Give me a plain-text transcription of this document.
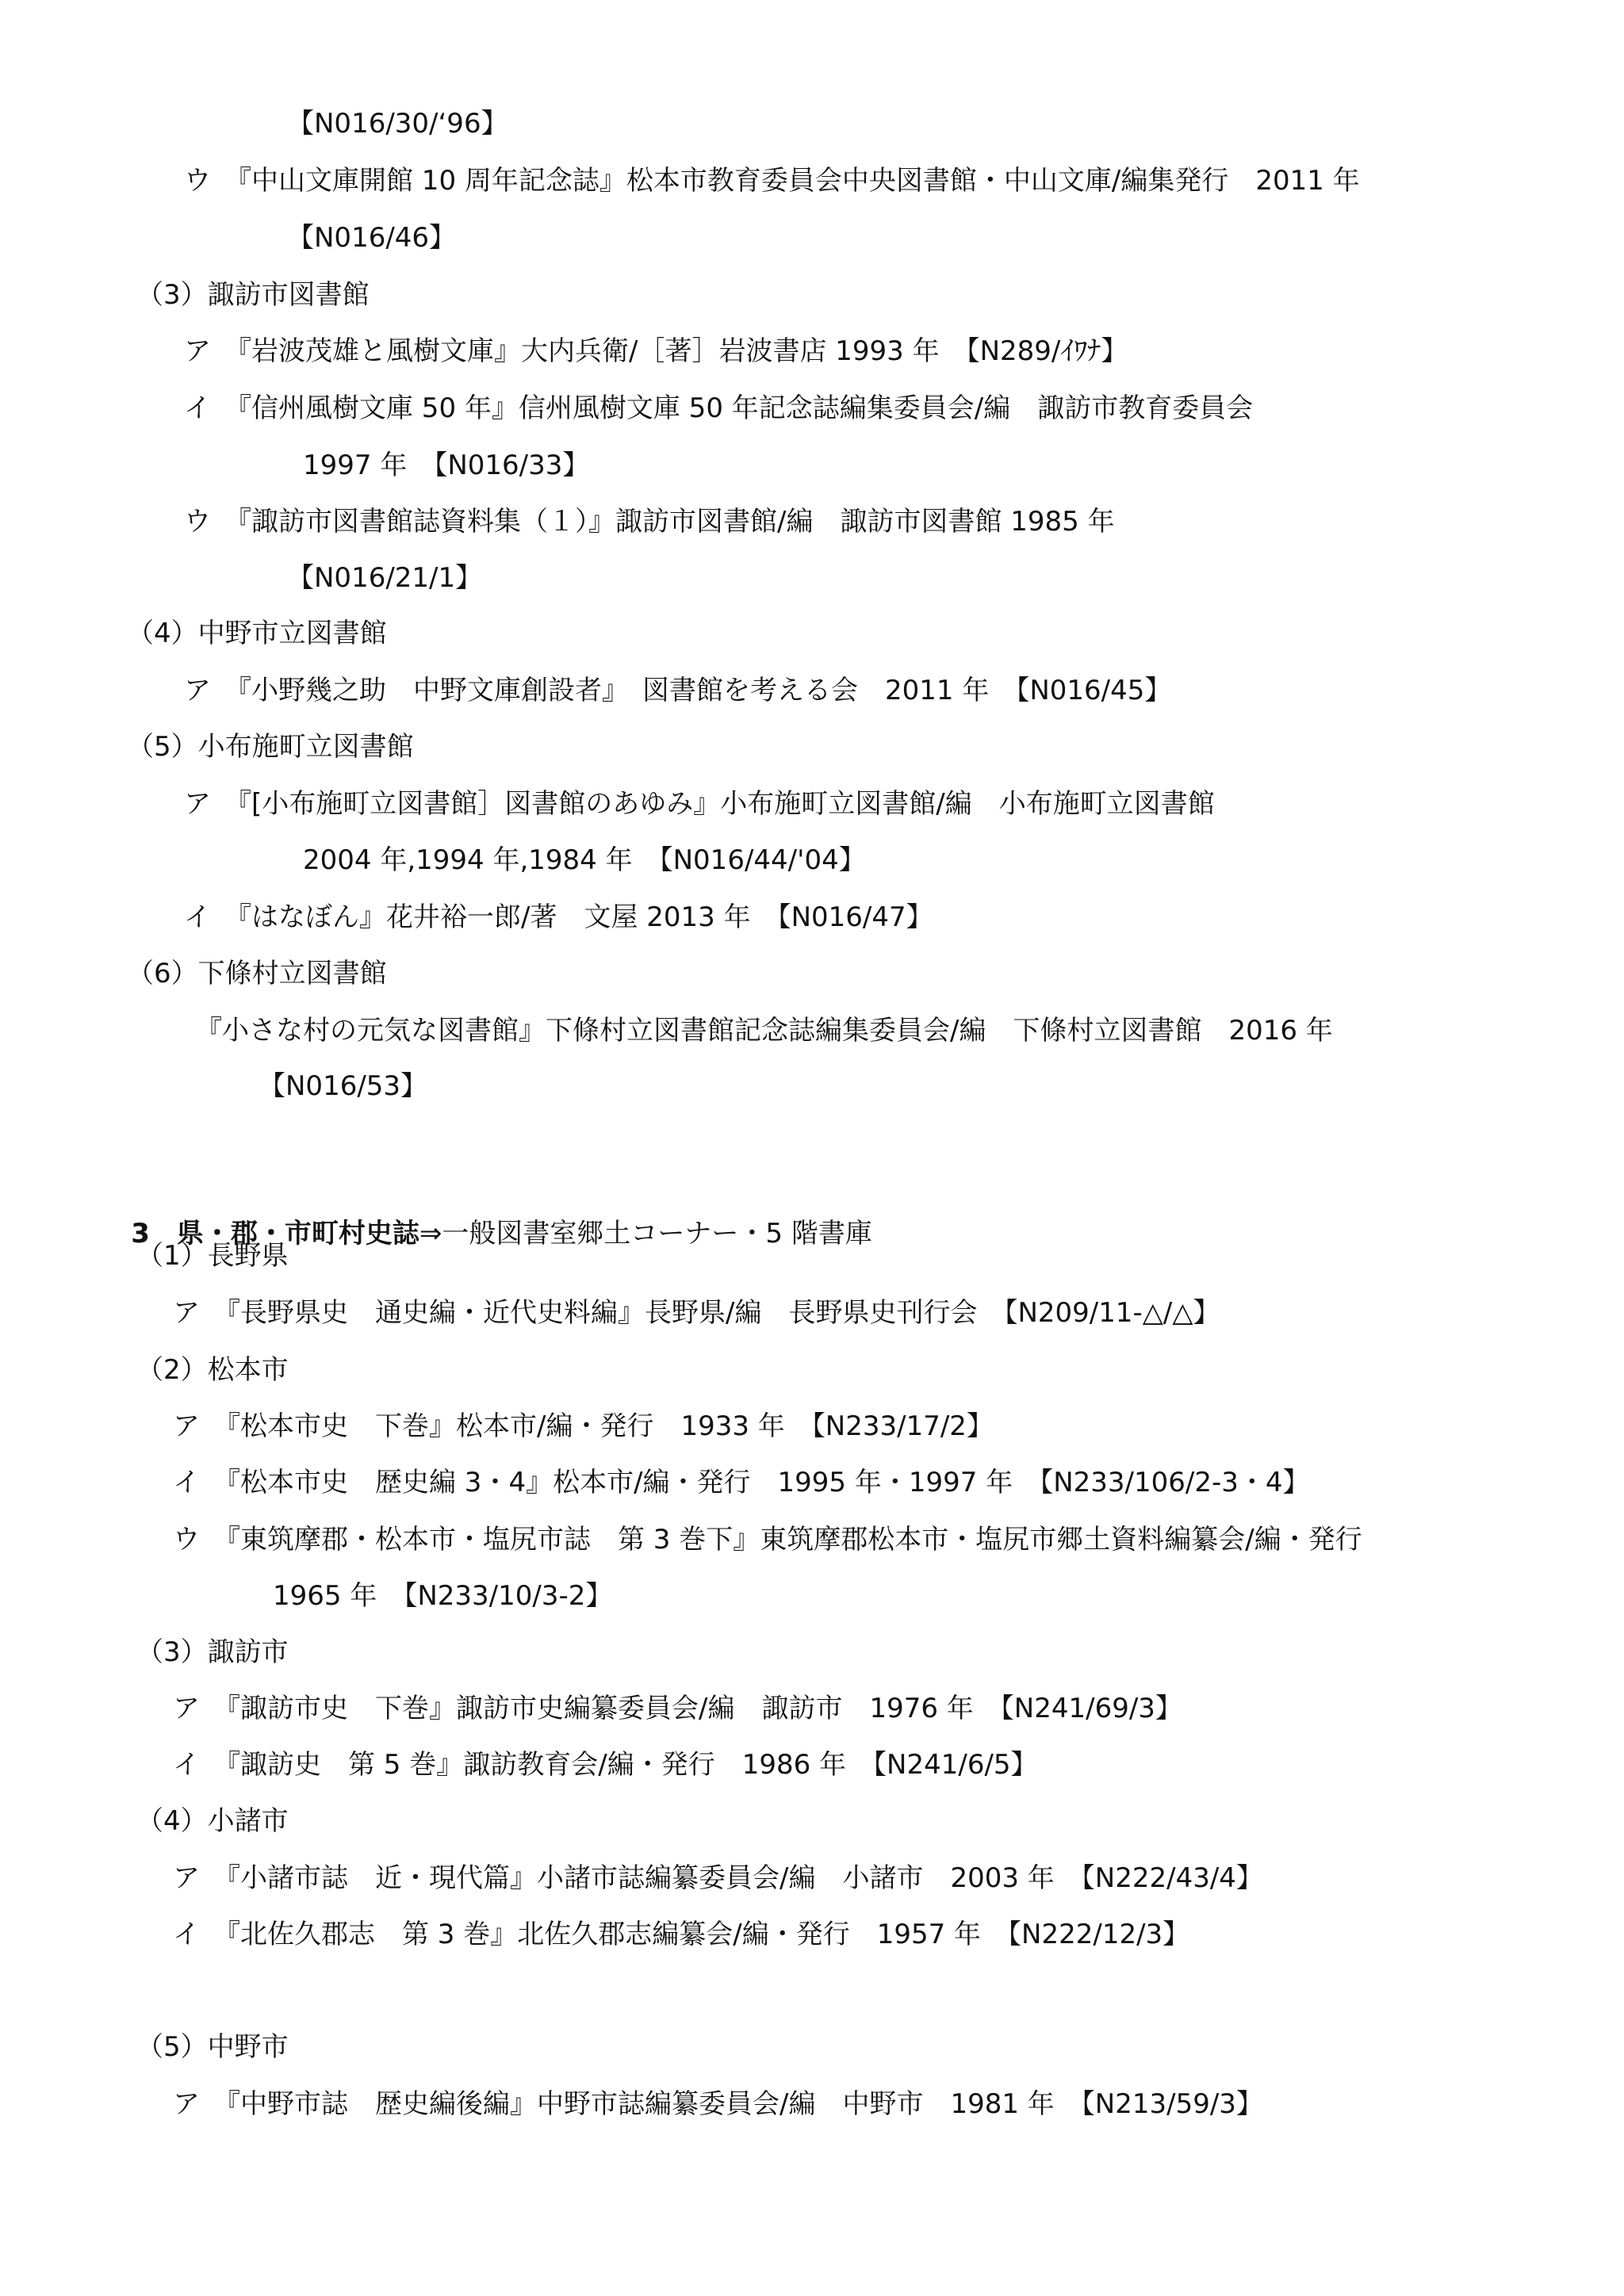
【N016/30/‘96】
ウ　『中山文庫開館 10 周年記念誌』松本市教育委員会中央図書館・中山文庫/編集発行　2011 年
【N016/46】
（3）諏訪市図書館
ア　『岩波茂雄と風樹文庫』大内兵衛/［著］岩波書店 1993 年　【N289/ｲﾜﾅ】
イ　『信州風樹文庫 50 年』信州風樹文庫 50 年記念誌編集委員会/編　諏訪市教育委員会
1997 年　【N016/33】
ウ　『諏訪市図書館誌資料集（１）』諏訪市図書館/編　諏訪市図書館 1985 年
【N016/21/1】
（4）中野市立図書館
ア　『小野幾之助　中野文庫創設者』　図書館を考える会　2011 年　【N016/45】
（5）小布施町立図書館
ア　『[小布施町立図書館］図書館のあゆみ』小布施町立図書館/編　小布施町立図書館
2004 年,1994 年,1984 年　【N016/44/'04】
イ　『はなぼん』花井裕一郎/著　文屋 2013 年　【N016/47】
（6）下條村立図書館
『小さな村の元気な図書館』下條村立図書館記念誌編集委員会/編　下條村立図書館　2016 年
【N016/53】

3　 県・郡・市町村史誌⇒一般図書室郷土コーナー・5 階書庫

（1）長野県
ア　『長野県史　通史編・近代史料編』長野県/編　長野県史刊行会　【N209/11-△/△】
（2）松本市
ア　『松本市史　下巻』松本市/編・発行　1933 年　【N233/17/2】
イ　『松本市史　歴史編 3・4』松本市/編・発行　1995 年・1997 年　【N233/106/2-3・4】
ウ　『東筑摩郡・松本市・塩尻市誌　第 3 巻下』東筑摩郡松本市・塩尻市郷土資料編纂会/編・発行
1965 年　【N233/10/3-2】
（3）諏訪市
ア　『諏訪市史　下巻』諏訪市史編纂委員会/編　諏訪市　1976 年　【N241/69/3】
イ　『諏訪史　第 5 巻』諏訪教育会/編・発行　1986 年　【N241/6/5】
（4）小諸市
ア　『小諸市誌　近・現代篇』小諸市誌編纂委員会/編　小諸市　2003 年　【N222/43/4】
イ　『北佐久郡志　第 3 巻』北佐久郡志編纂会/編・発行　1957 年　【N222/12/3】
（5）中野市
ア　『中野市誌　歴史編後編』中野市誌編纂委員会/編　中野市　1981 年　【N213/59/3】
